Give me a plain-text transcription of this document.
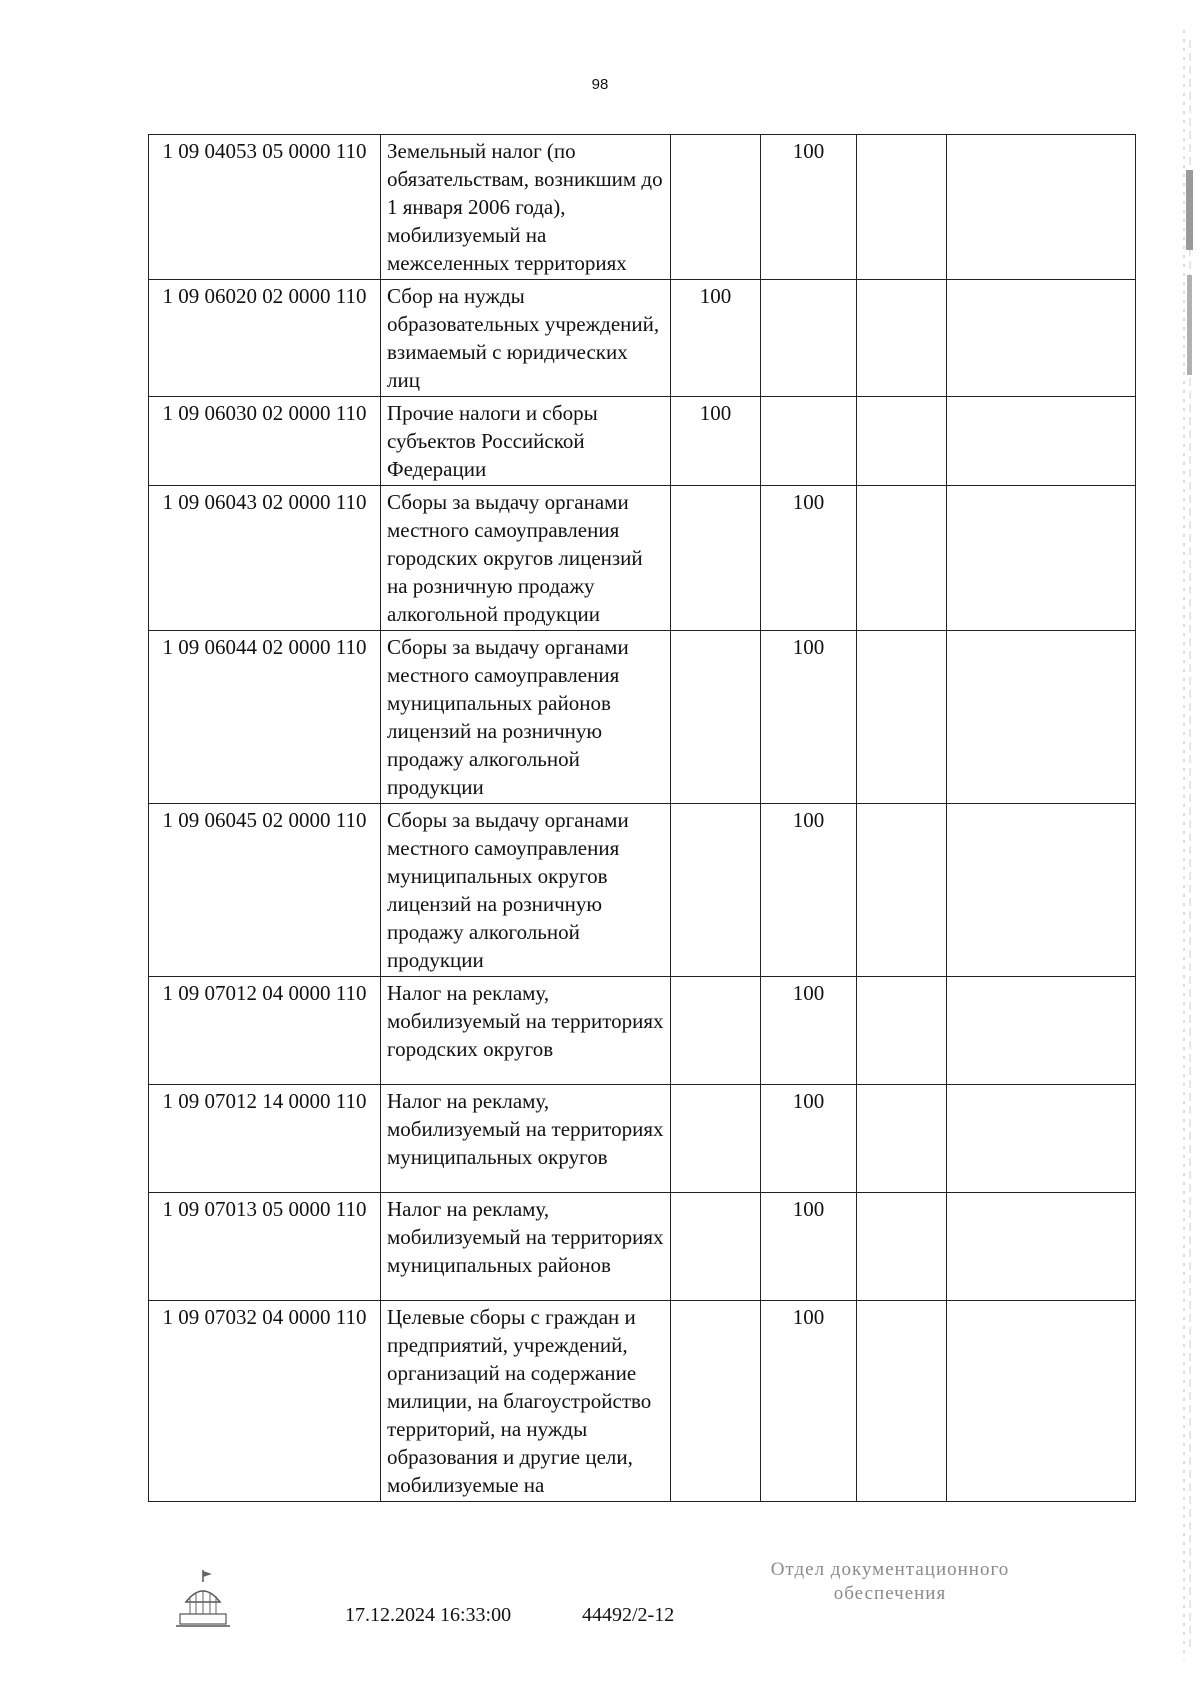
98
1 09 04053 05 0000 110	Земельный налог (по обязательствам, возникшим до 1 января 2006 года), мобилизуемый на межселенных территориях		100		
1 09 06020 02 0000 110	Сбор на нужды образовательных учреждений, взимаемый с юридических лиц	100			
1 09 06030 02 0000 110	Прочие налоги и сборы субъектов Российской Федерации	100			
1 09 06043 02 0000 110	Сборы за выдачу органами местного самоуправления городских округов лицензий на розничную продажу алкогольной продукции		100		
1 09 06044 02 0000 110	Сборы за выдачу органами местного самоуправления муниципальных районов лицензий на розничную продажу алкогольной продукции		100		
1 09 06045 02 0000 110	Сборы за выдачу органами местного самоуправления муниципальных округов лицензий на розничную продажу алкогольной продукции		100		
1 09 07012 04 0000 110	Налог на рекламу, мобилизуемый на территориях городских округов		100		
1 09 07012 14 0000 110	Налог на рекламу, мобилизуемый на территориях муниципальных округов		100		
1 09 07013 05 0000 110	Налог на рекламу, мобилизуемый на территориях муниципальных районов		100		
1 09 07032 04 0000 110	Целевые сборы с граждан и предприятий, учреждений, организаций на содержание милиции, на благоустройство территорий, на нужды образования и другие цели, мобилизуемые на		100		
17.12.2024 16:33:00	44492/2-12
Отдел документационного
обеспечения
